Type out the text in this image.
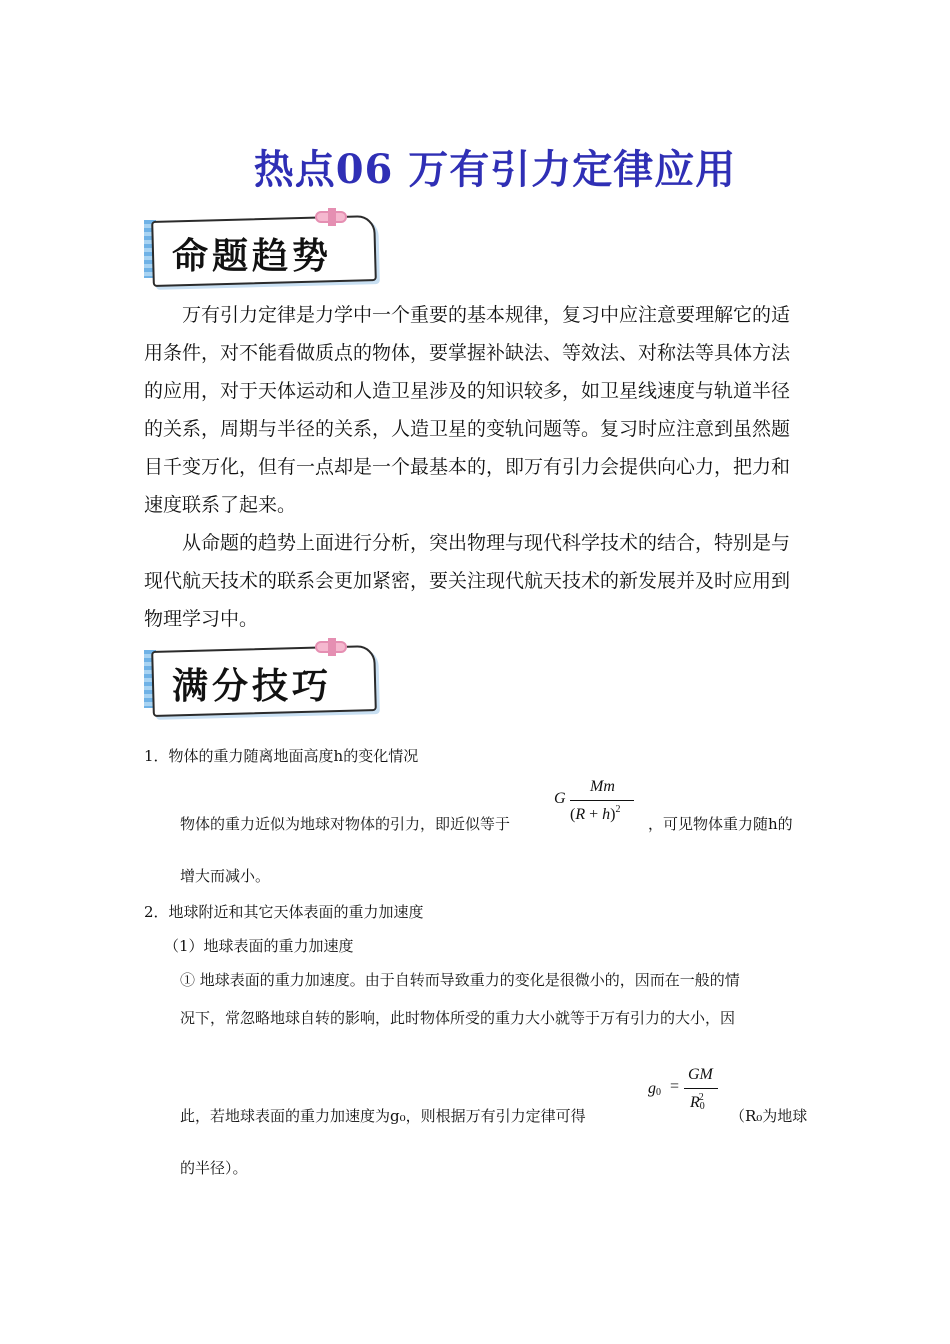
热点06 万有引力定律应用
命题趋势

万有引力定律是力学中一个重要的基本规律，复习中应注意要理解它的适用条件，对不能看做质点的物体，要掌握补缺法、等效法、对称法等具体方法的应用，对于天体运动和人造卫星涉及的知识较多，如卫星线速度与轨道半径的关系，周期与半径的关系，人造卫星的变轨问题等。复习时应注意到虽然题目千变万化，但有一点却是一个最基本的，即万有引力会提供向心力，把力和速度联系了起来。

从命题的趋势上面进行分析，突出物理与现代科学技术的结合，特别是与现代航天技术的联系会更加紧密，要关注现代航天技术的新发展并及时应用到物理学习中。

满分技巧
1．物体的重力随离地面高度h的变化情况
物体的重力近似为地球对物体的引力，即近似等于
G
Mm
$(R + h)^2$
，可见物体重力随h的
增大而减小。
2．地球附近和其它天体表面的重力加速度
（1）地球表面的重力加速度
① 地球表面的重力加速度。由于自转而导致重力的变化是很微小的，因而在一般的情
况下，常忽略地球自转的影响，此时物体所受的重力大小就等于万有引力的大小，因
此，若地球表面的重力加速度为g₀，则根据万有引力定律可得
$g_0$ =
GM
$R_0^2$
（R₀为地球
的半径）。
